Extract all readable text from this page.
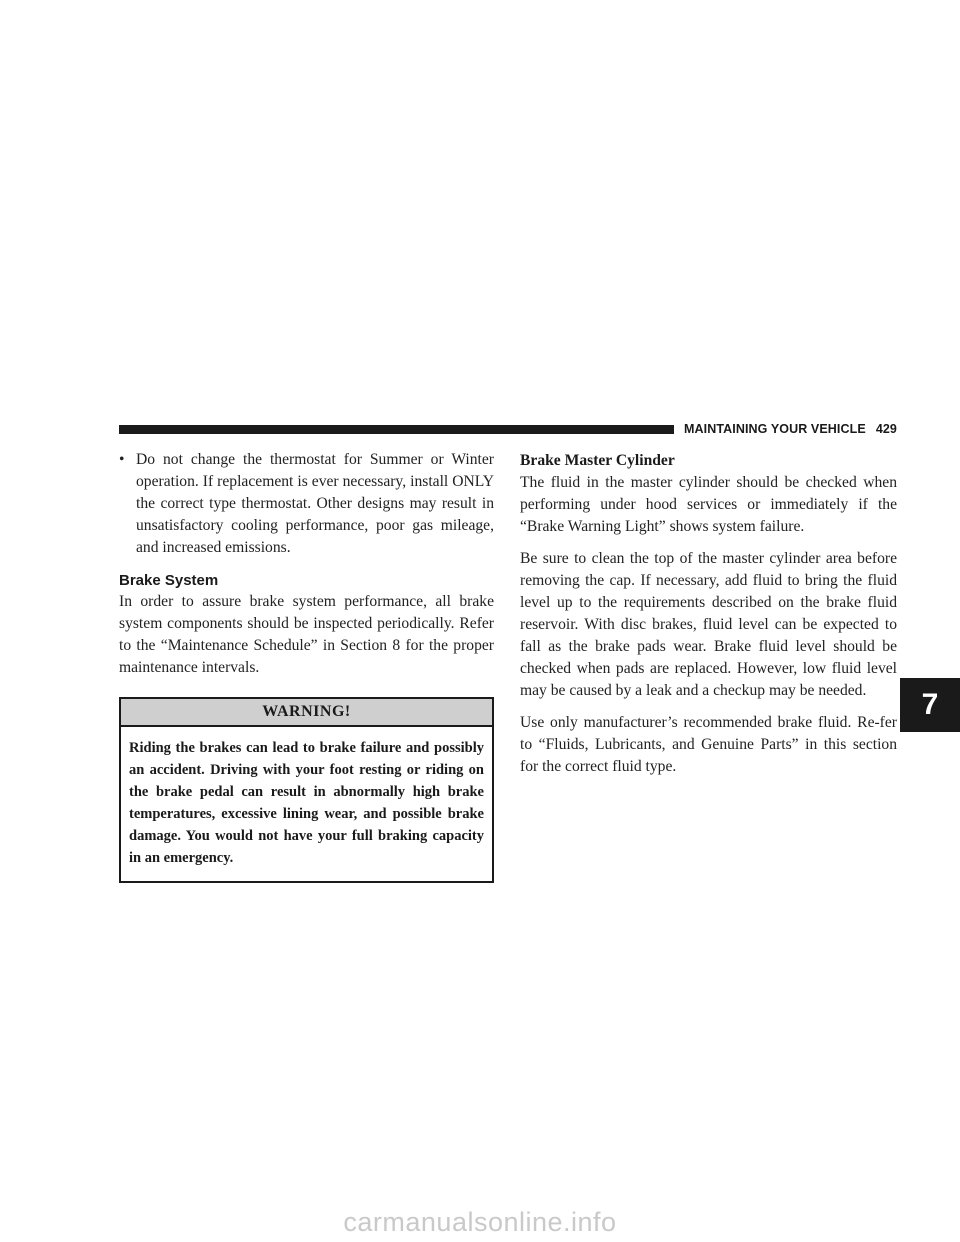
MAINTAINING YOUR VEHICLE 429
• Do not change the thermostat for Summer or Winter operation. If replacement is ever necessary, install ONLY the correct type thermostat. Other designs may result in unsatisfactory cooling performance, poor gas mileage, and increased emissions.
Brake System

In order to assure brake system performance, all brake system components should be inspected periodically. Refer to the “Maintenance Schedule” in Section 8 for the proper maintenance intervals.

WARNING!
Riding the brakes can lead to brake failure and possibly an accident. Driving with your foot resting or riding on the brake pedal can result in abnormally high brake temperatures, excessive lining wear, and possible brake damage. You would not have your full braking capacity in an emergency.
Brake Master Cylinder

The fluid in the master cylinder should be checked when performing under hood services or immediately if the “Brake Warning Light” shows system failure.

Be sure to clean the top of the master cylinder area before removing the cap. If necessary, add fluid to bring the fluid level up to the requirements described on the brake fluid reservoir. With disc brakes, fluid level can be expected to fall as the brake pads wear. Brake fluid level should be checked when pads are replaced. However, low fluid level may be caused by a leak and a checkup may be needed.

Use only manufacturer’s recommended brake fluid. Re-fer to “Fluids, Lubricants, and Genuine Parts” in this section for the correct fluid type.

7
carmanualsonline.info
